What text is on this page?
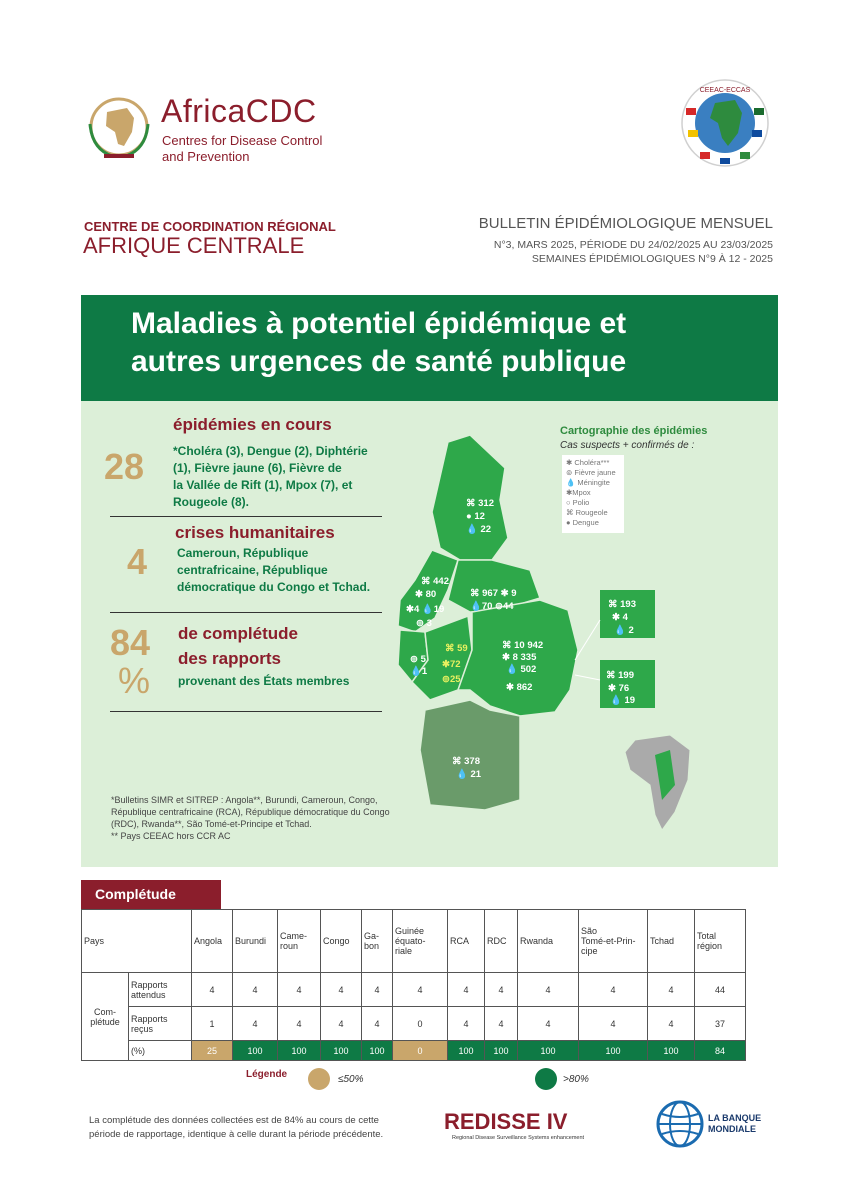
AfricaCDC
Centres for Disease Control
and Prevention
CEEAC-ECCAS
CENTRE DE COORDINATION RÉGIONAL
AFRIQUE CENTRALE
BULLETIN ÉPIDÉMIOLOGIQUE MENSUEL
N°3, MARS 2025, PÉRIODE DU 24/02/2025 AU 23/03/2025
SEMAINES ÉPIDÉMIOLOGIQUES N°9 À 12 - 2025
Maladies à potentiel épidémique et
autres urgences de santé publique
28
épidémies en cours
*Choléra (3), Dengue (2), Diphtérie
(1), Fièvre jaune (6), Fièvre de
la Vallée de Rift (1), Mpox (7), et
Rougeole (8).
4
crises humanitaires
Cameroun, République
centrafricaine, République
démocratique du Congo et Tchad.
84
%
de complétude
des rapports
provenant des États membres
Cartographie des épidémies
Cas suspects + confirmés de :
✱ Choléra***
⊚ Fièvre jaune
💧 Méningite
✱Mpox
○ Polio
⌘ Rougeole
● Dengue
⌘ 312
● 12
💧 22
⌘ 442
✱ 80
✱4 💧19
⊚ 3
⌘ 967 ✱ 9
💧70 ⊚44
⊚ 5
💧1
⌘ 59
✱72
⊚25
⌘ 10 942
✱ 8 335
💧 502
✱ 862
⌘ 378
💧 21
⌘ 193
✱ 4
💧 2
⌘ 199
✱ 76
💧 19
*Bulletins SIMR et SITREP : Angola**, Burundi, Cameroun, Congo,
République centrafricaine (RCA), République démocratique du Congo
(RDC), Rwanda**, São Tomé-et-Principe et Tchad.
** Pays CEEAC hors CCR AC
Complétude
Pays		Angola	Burundi	Came-
roun	Congo	Ga-
bon	Guinée
équato-
riale	RCA	RDC	Rwanda	São
Tomé-et-Prin-
cipe	Tchad	Total
région
Com-
plétude	Rapports
attendus	4	4	4	4	4	4	4	4	4	4	4	44
	Rapports
reçus	1	4	4	4	4	0	4	4	4	4	4	37
	(%)	25	100	100	100	100	0	100	100	100	100	100	84
Légende	≤50%	>80%
La complétude des données collectées est de 84% au cours de cette
période de rapportage, identique à celle durant la période précédente.
REDISSE IV
Regional Disease Surveillance Systems enhancement
LA BANQUE
MONDIALE
